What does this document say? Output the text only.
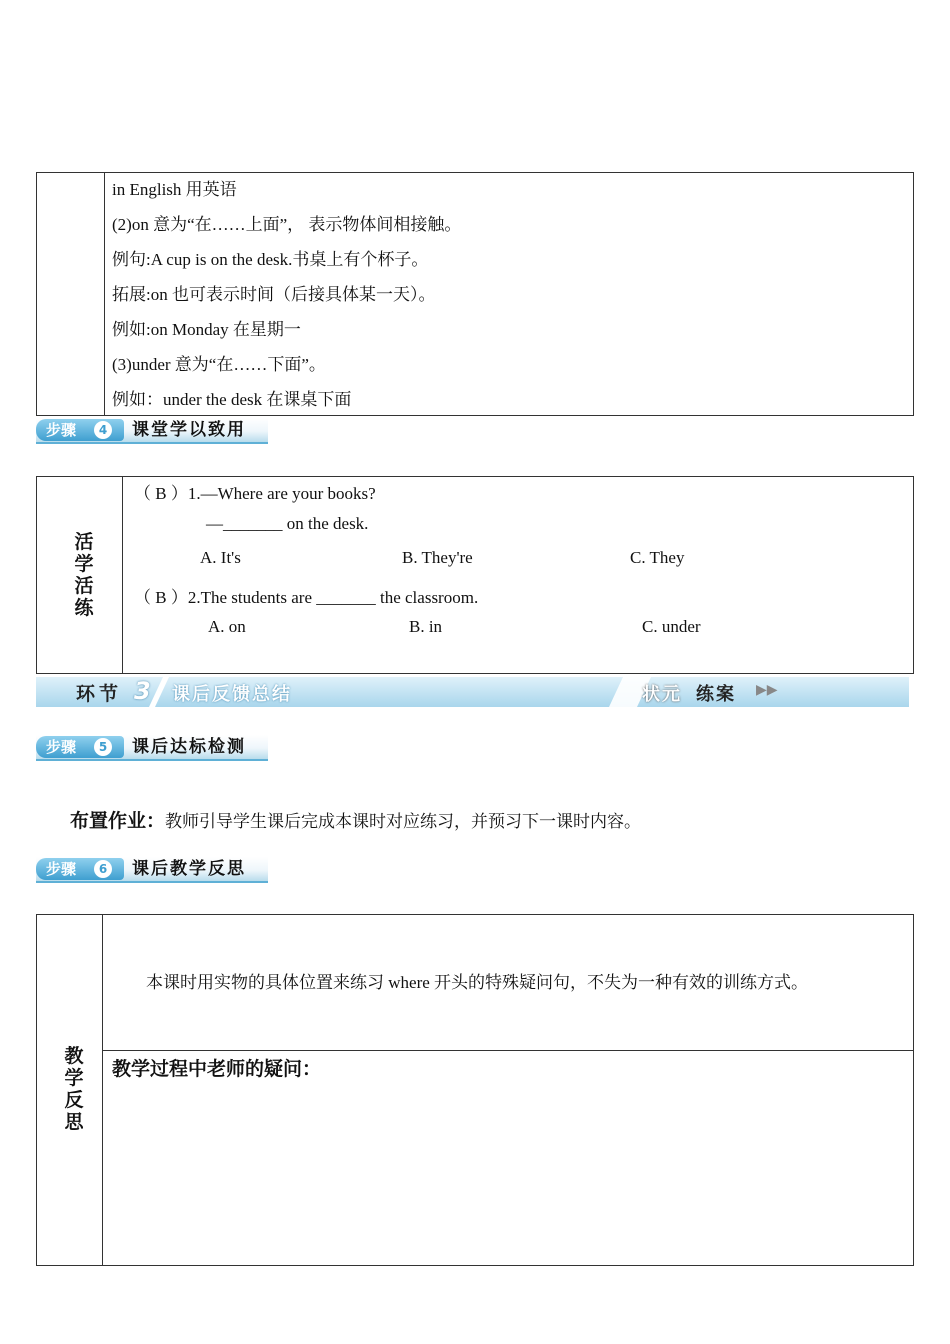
in English 用英语
(2)on 意为“在……上面”， 表示物体间相接触。
例句:A cup is on the desk.书桌上有个杯子。
拓展:on 也可表示时间（后接具体某一天）。
例如:on Monday 在星期一
(3)under 意为“在……下面”。
例如：under the desk 在课桌下面
步骤	4 课堂学以致用
活学活练
（ B ）1.—Where are your books?
—_______ on the desk.
A. It's	B. They're	C. They
（ B ）2.The students are _______ the classroom.
A. on	B. in	C. under
环节 3 课后反馈总结	状元 练案 ▶▶
步骤	5 课后达标检测
布置作业：教师引导学生课后完成本课时对应练习，并预习下一课时内容。
步骤	6 课后教学反思
教学反思
本课时用实物的具体位置来练习 where 开头的特殊疑问句，不失为一种有效的训练方式。
教学过程中老师的疑问：
